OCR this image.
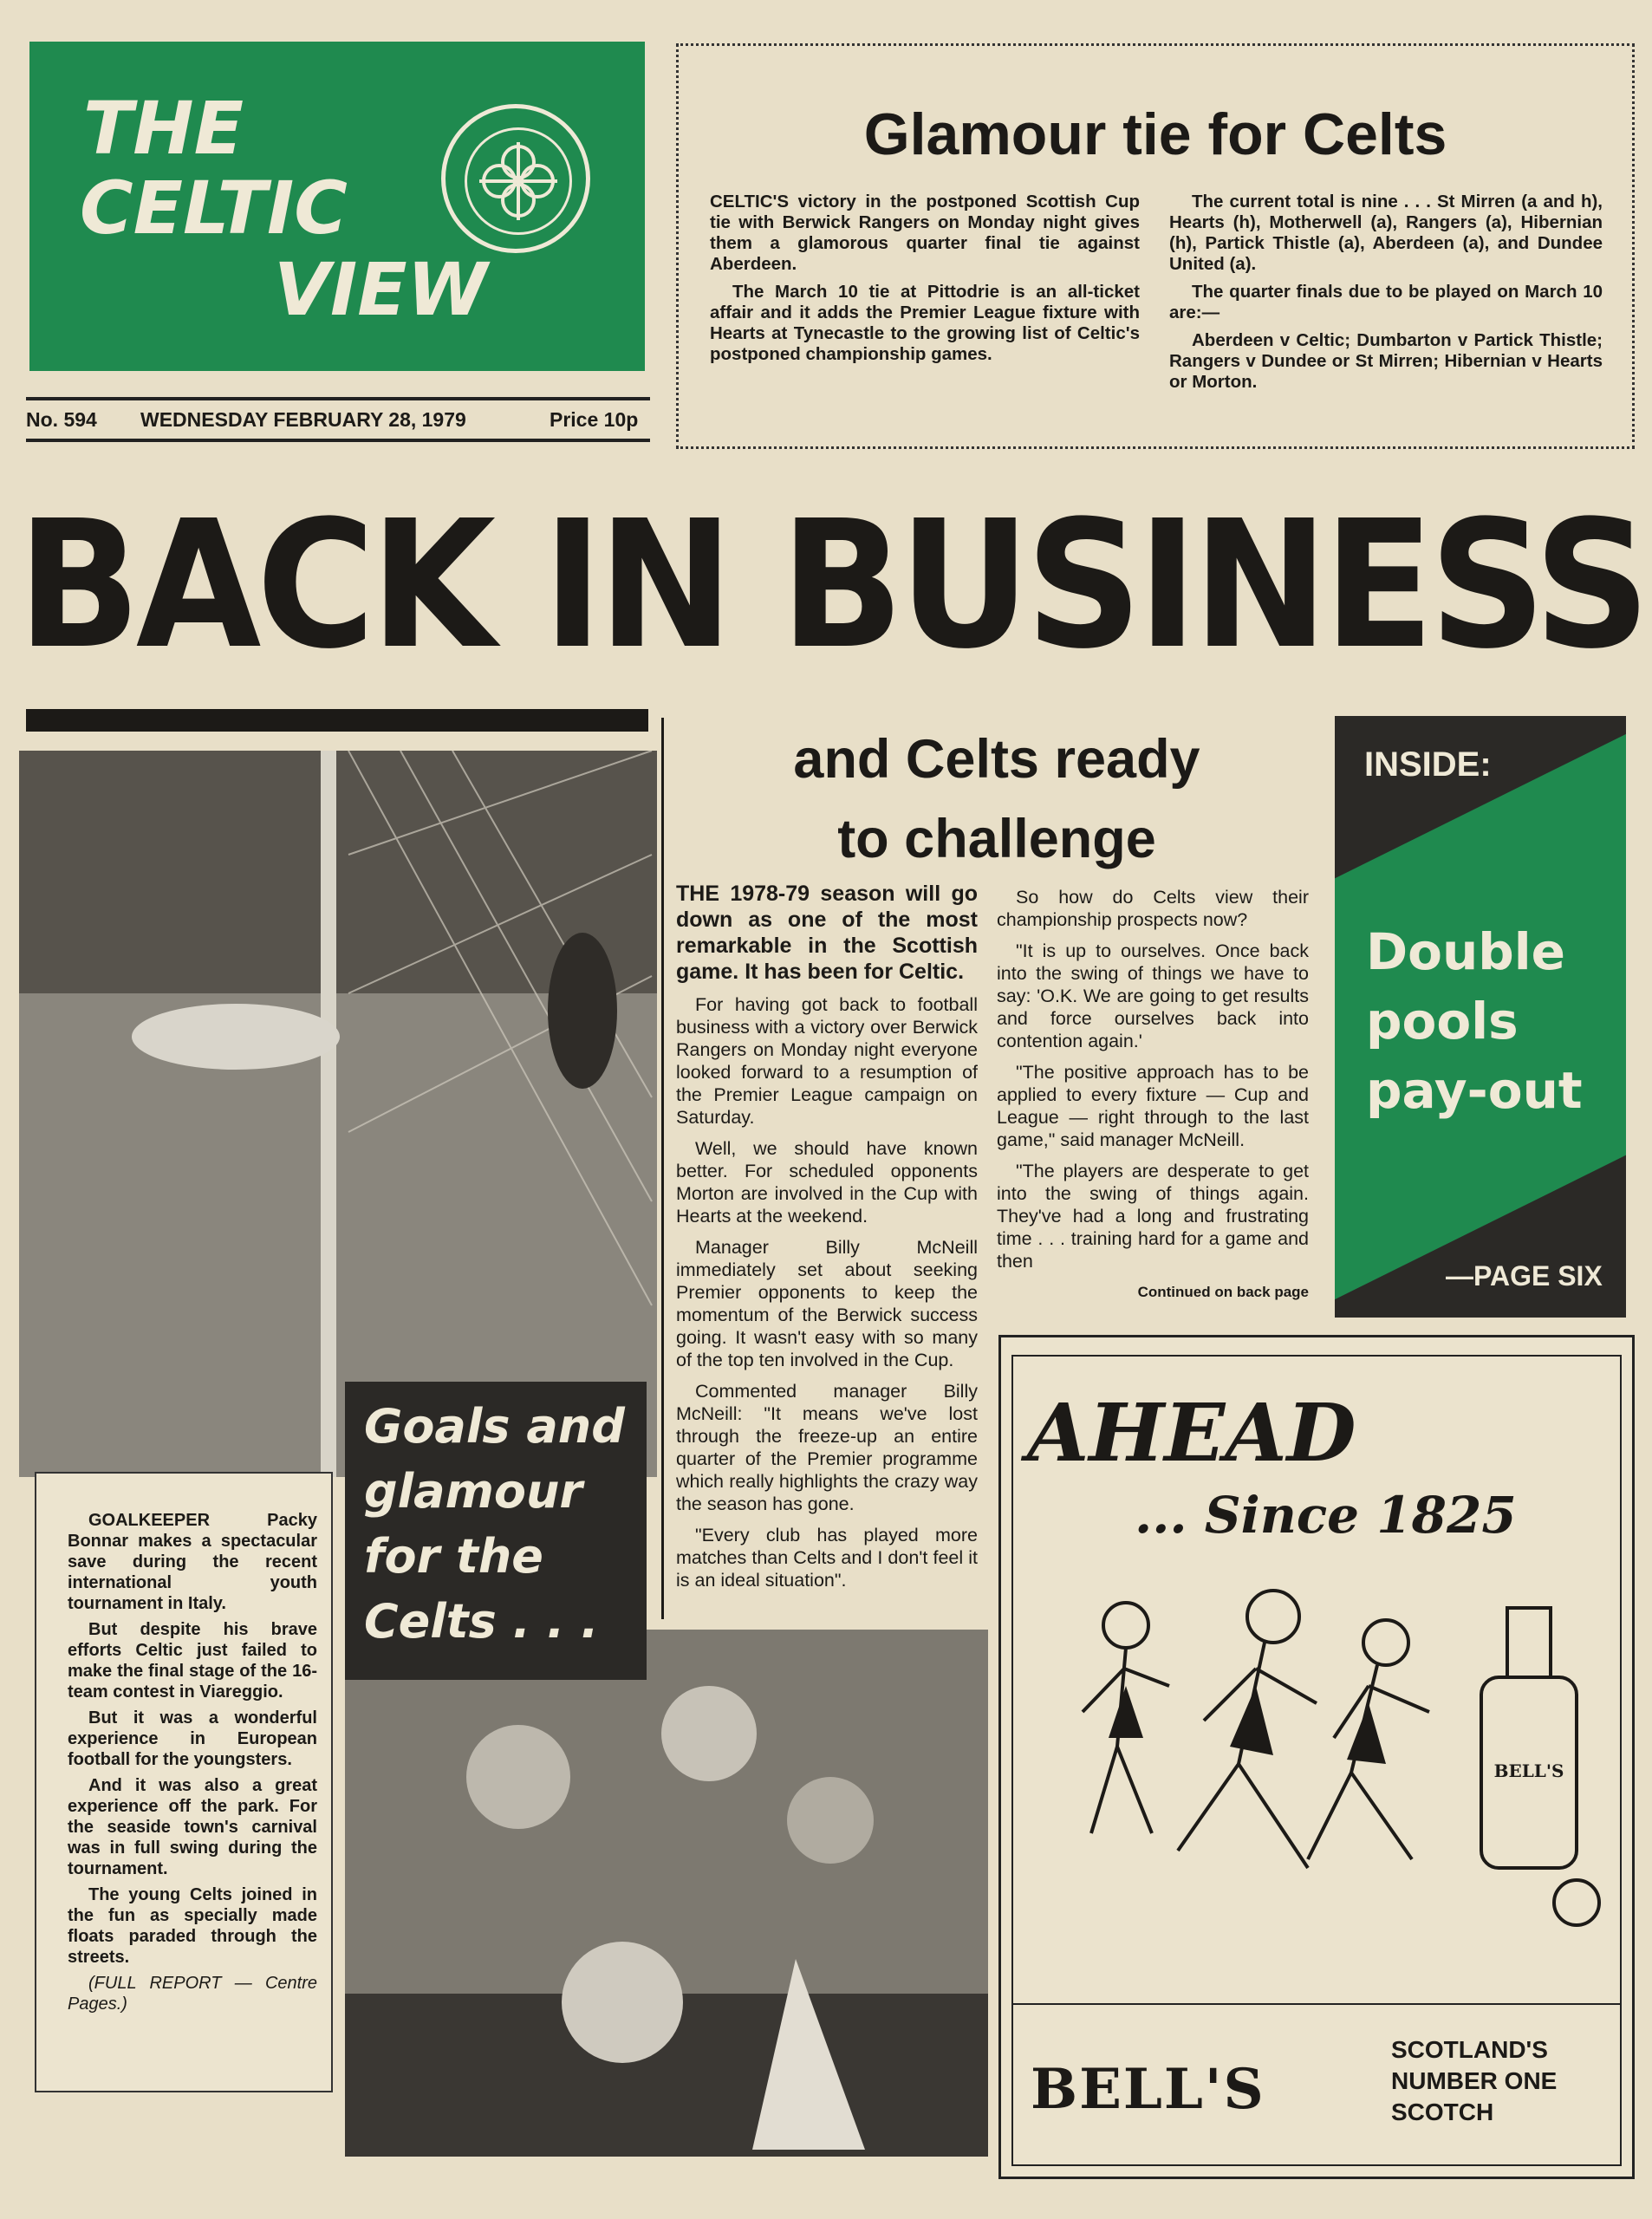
THE
CELTIC
VIEW
No. 594 WEDNESDAY FEBRUARY 28, 1979	Price 10p
Glamour tie for Celts

CELTIC'S victory in the postponed Scottish Cup tie with Berwick Rangers on Monday night gives them a glamorous quarter final tie against Aberdeen.

The March 10 tie at Pittodrie is an all-ticket affair and it adds the Premier League fixture with Hearts at Tynecastle to the growing list of Celtic's postponed championship games.

The current total is nine . . . St Mirren (a and h), Hearts (h), Motherwell (a), Rangers (a), Hibernian (h), Partick Thistle (a), Aberdeen (a), and Dundee United (a).

The quarter finals due to be played on March 10 are:—

Aberdeen v Celtic; Dumbarton v Partick Thistle; Rangers v Dundee or St Mirren; Hibernian v Hearts or Morton.

BACK IN BUSINESS
and Celts ready
to challenge

THE 1978-79 season will go down as one of the most remarkable in the Scottish game. It has been for Celtic.

For having got back to football business with a victory over Berwick Rangers on Monday night everyone looked forward to a resumption of the Premier League campaign on Saturday.

Well, we should have known better. For scheduled opponents Morton are involved in the Cup with Hearts at the weekend.

Manager Billy McNeill immediately set about seeking Premier opponents to keep the momentum of the Berwick success going. It wasn't easy with so many of the top ten involved in the Cup.

Commented manager Billy McNeill: "It means we've lost through the freeze-up an entire quarter of the Premier programme which really highlights the crazy way the season has gone.

"Every club has played more matches than Celts and I don't feel it is an ideal situation".

So how do Celts view their championship prospects now?

"It is up to ourselves. Once back into the swing of things we have to say: 'O.K. We are going to get results and force ourselves back into contention again.'

"The positive approach has to be applied to every fixture — Cup and League — right through to the last game," said manager McNeill.

"The players are desperate to get into the swing of things again. They've had a long and frustrating time . . . training hard for a game and then

Continued on back page
INSIDE:
Double
pools
pay-out
—PAGE SIX
Goals and
glamour
for the
Celts . . .

GOALKEEPER Packy Bonnar makes a spectacular save during the recent international youth tournament in Italy.

But despite his brave efforts Celtic just failed to make the final stage of the 16-team contest in Viareggio.

But it was a wonderful experience in European football for the youngsters.

And it was also a great experience off the park. For the seaside town's carnival was in full swing during the tournament.

The young Celts joined in the fun as specially made floats paraded through the streets.

(FULL REPORT — Centre Pages.)

AHEAD
... Since 1825
BELL'S
BELL'S
SCOTLAND'S
NUMBER ONE
SCOTCH
